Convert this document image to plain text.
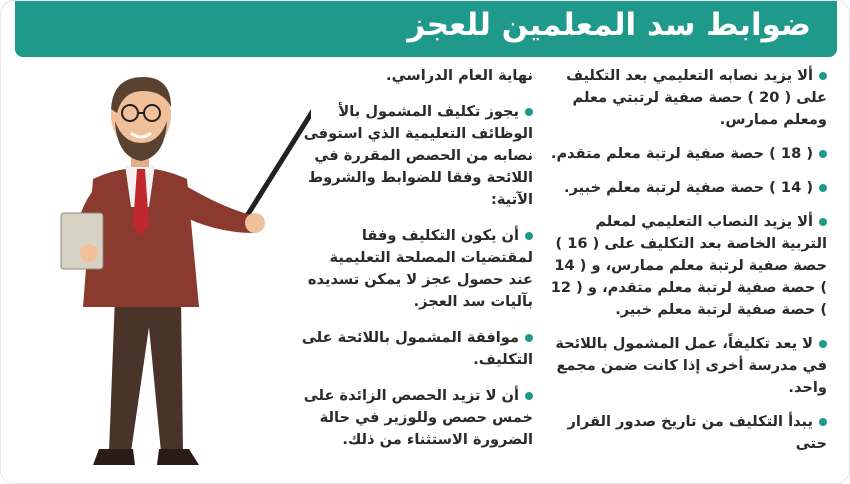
ضوابط سد المعلمين للعجز
ألا يزيد نصابه التعليمي بعد التكليف على ( 20 ) حصة صفية لرتبتي معلم ومعلم ممارس.
( 18 ) حصة صفية لرتبة معلم متقدم.
( 14 ) حصة صفية لرتبة معلم خبير.
ألا يزيد النصاب التعليمي لمعلم التربية الخاصة بعد التكليف على ( 16 ) حصة صفية لرتبة معلم ممارس، و ( 14 ) حصة صفية لرتبة معلم متقدم، و ( 12 ) حصة صفية لرتبة معلم خبير.
لا يعد تكليفاً، عمل المشمول باللائحة في مدرسة أخرى إذا كانت ضمن مجمع واحد.
يبدأ التكليف من تاريخ صدور القرار حتى
نهاية العام الدراسي.
يجوز تكليف المشمول بالأ الوظائف التعليمية الذي استوفى نصابه من الحصص المقررة في اللائحة وفقا للضوابط والشروط الآتية:
أن يكون التكليف وفقا لمقتضيات المصلحة التعليمية عند حصول عجز لا يمكن تسديده بآليات سد العجز.
موافقة المشمول باللائحة على التكليف.
أن لا تزيد الحصص الزائدة على خمس حصص وللوزير في حالة الضرورة الاستثناء من ذلك.
